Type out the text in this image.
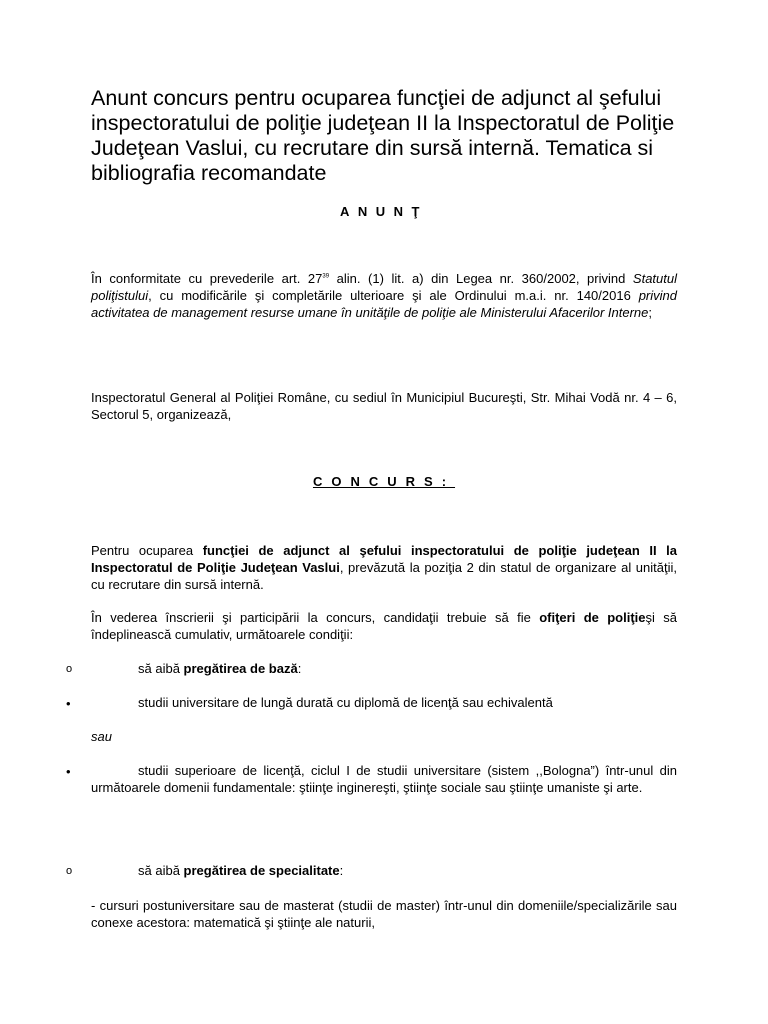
Anunt concurs pentru ocuparea funcţiei de adjunct al şefului inspectoratului de poliţie judeţean II la Inspectoratul de Poliţie Judeţean Vaslui, cu recrutare din sursă internă. Tematica si bibliografia recomandate
ANUNŢ

În conformitate cu prevederile art. $27^{39}$ alin. (1) lit. a) din Legea nr. 360/2002, privind Statutul poliţistului, cu modificările şi completările ulterioare şi ale Ordinului m.a.i. nr. 140/2016 privind activitatea de management resurse umane în unităţile de poliţie ale Ministerului Afacerilor Interne;

Inspectoratul General al Poliţiei Române, cu sediul în Municipiul Bucureşti, Str. Mihai Vodă nr. 4 – 6, Sectorul 5, organizează,

CONCURS:

Pentru ocuparea funcţiei de adjunct al şefului inspectoratului de poliţie judeţean II la Inspectoratul de Poliţie Judeţean Vaslui, prevăzută la poziţia 2 din statul de organizare al unităţii, cu recrutare din sursă internă.

În vederea înscrierii şi participării la concurs, candidaţii trebuie să fie ofiţeri de poliţieşi să îndeplinească cumulativ, următoarele condiţii:

o	să aibă pregătirea de bază:

•	studii universitare de lungă durată cu diplomă de licenţă sau echivalentă

sau

•	studii superioare de licenţă, ciclul I de studii universitare (sistem ,,Bologna”) într-unul din următoarele domenii fundamentale: ştiinţe inginereşti, ştiinţe sociale sau ştiinţe umaniste şi arte.

o	să aibă pregătirea de specialitate:

- cursuri postuniversitare sau de masterat (studii de master) într-unul din domeniile/specializările sau conexe acestora: matematică şi ştiinţe ale naturii,
